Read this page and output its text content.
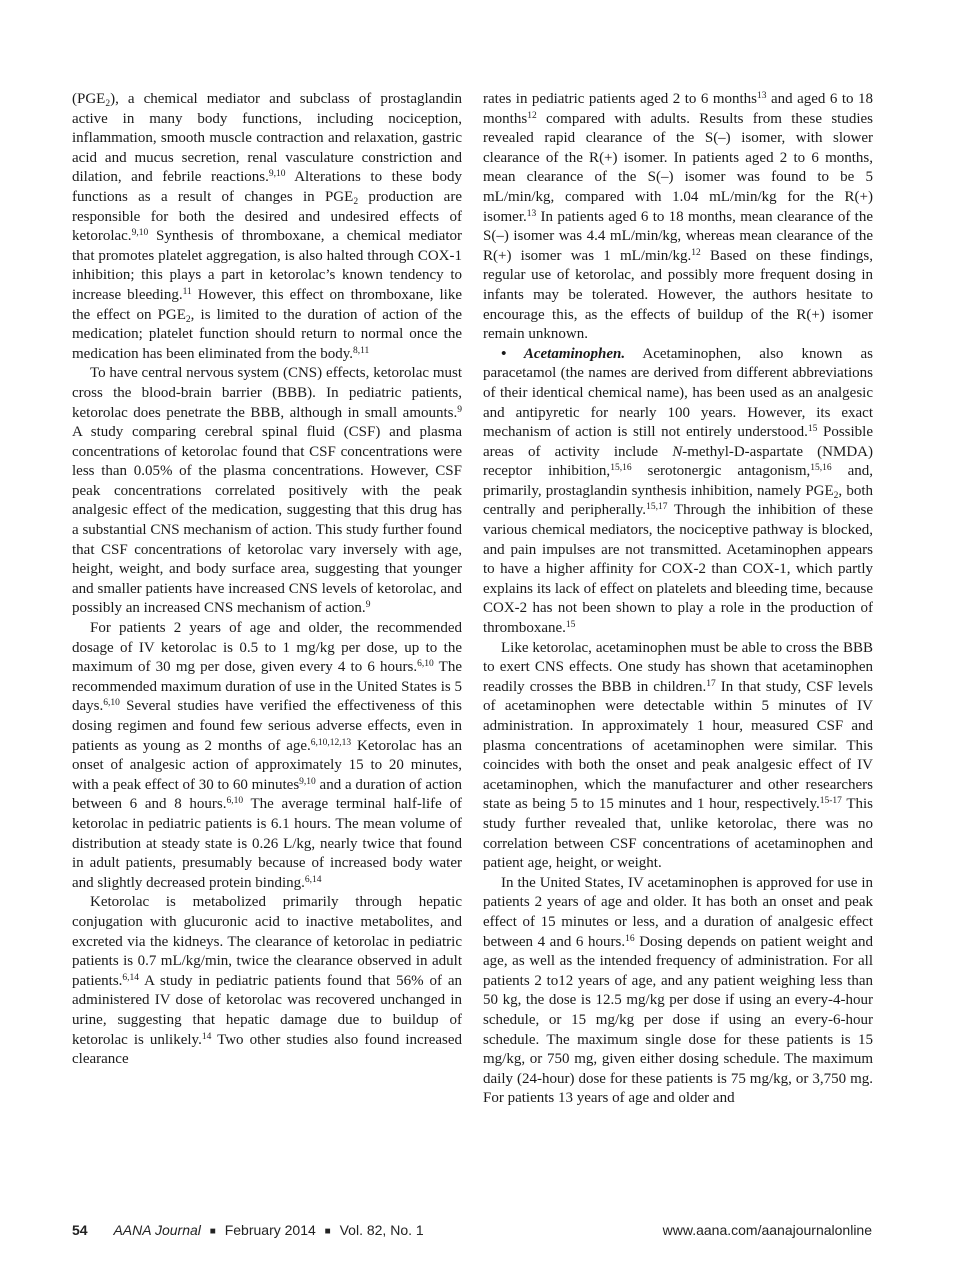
$(PGE_2)$, a chemical mediator and subclass of prostaglandin active in many body functions, including nociception, inflammation, smooth muscle contraction and relaxation, gastric acid and mucus secretion, renal vasculature constriction and dilation, and febrile reactions.$^{9,10}$ Alterations to these body functions as a result of changes in $PGE_2$ production are responsible for both the desired and undesired effects of ketorolac.$^{9,10}$ Synthesis of thromboxane, a chemical mediator that promotes platelet aggregation, is also halted through COX-1 inhibition; this plays a part in ketorolac’s known tendency to increase bleeding.$^{11}$ However, this effect on thromboxane, like the effect on $PGE_2$, is limited to the duration of action of the medication; platelet function should return to normal once the medication has been eliminated from the body.$^{8,11}$

To have central nervous system (CNS) effects, ketorolac must cross the blood-brain barrier (BBB). In pediatric patients, ketorolac does penetrate the BBB, although in small amounts.$^9$ A study comparing cerebral spinal fluid (CSF) and plasma concentrations of ketorolac found that CSF concentrations were less than 0.05% of the plasma concentrations. However, CSF peak concentrations correlated positively with the peak analgesic effect of the medication, suggesting that this drug has a substantial CNS mechanism of action. This study further found that CSF concentrations of ketorolac vary inversely with age, height, weight, and body surface area, suggesting that younger and smaller patients have increased CNS levels of ketorolac, and possibly an increased CNS mechanism of action.$^9$

For patients 2 years of age and older, the recommended dosage of IV ketorolac is 0.5 to 1 mg/kg per dose, up to the maximum of 30 mg per dose, given every 4 to 6 hours.$^{6,10}$ The recommended maximum duration of use in the United States is 5 days.$^{6,10}$ Several studies have verified the effectiveness of this dosing regimen and found few serious adverse effects, even in patients as young as 2 months of age.$^{6,10,12,13}$ Ketorolac has an onset of analgesic action of approximately 15 to 20 minutes, with a peak effect of 30 to 60 minutes$^{9,10}$ and a duration of action between 6 and 8 hours.$^{6,10}$ The average terminal half-life of ketorolac in pediatric patients is 6.1 hours. The mean volume of distribution at steady state is 0.26 L/kg, nearly twice that found in adult patients, presumably because of increased body water and slightly decreased protein binding.$^{6,14}$

Ketorolac is metabolized primarily through hepatic conjugation with glucuronic acid to inactive metabolites, and excreted via the kidneys. The clearance of ketorolac in pediatric patients is 0.7 mL/kg/min, twice the clearance observed in adult patients.$^{6,14}$ A study in pediatric patients found that 56% of an administered IV dose of ketorolac was recovered unchanged in urine, suggesting that hepatic damage due to buildup of ketorolac is unlikely.$^{14}$ Two other studies also found increased clearance

rates in pediatric patients aged 2 to 6 months$^{13}$ and aged 6 to 18 months$^{12}$ compared with adults. Results from these studies revealed rapid clearance of the S(–) isomer, with slower clearance of the R(+) isomer. In patients aged 2 to 6 months, mean clearance of the S(–) isomer was found to be 5 mL/min/kg, compared with 1.04 mL/min/kg for the R(+) isomer.$^{13}$ In patients aged 6 to 18 months, mean clearance of the S(–) isomer was 4.4 mL/min/kg, whereas mean clearance of the R(+) isomer was 1 mL/min/kg.$^{12}$ Based on these findings, regular use of ketorolac, and possibly more frequent dosing in infants may be tolerated. However, the authors hesitate to encourage this, as the effects of buildup of the R(+) isomer remain unknown.

• Acetaminophen. Acetaminophen, also known as paracetamol (the names are derived from different abbreviations of their identical chemical name), has been used as an analgesic and antipyretic for nearly 100 years. However, its exact mechanism of action is still not entirely understood.$^{15}$ Possible areas of activity include N-methyl-D-aspartate (NMDA) receptor inhibition,$^{15,16}$ serotonergic antagonism,$^{15,16}$ and, primarily, prostaglandin synthesis inhibition, namely $PGE_2$, both centrally and peripherally.$^{15,17}$ Through the inhibition of these various chemical mediators, the nociceptive pathway is blocked, and pain impulses are not transmitted. Acetaminophen appears to have a higher affinity for COX-2 than COX-1, which partly explains its lack of effect on platelets and bleeding time, because COX-2 has not been shown to play a role in the production of thromboxane.$^{15}$

Like ketorolac, acetaminophen must be able to cross the BBB to exert CNS effects. One study has shown that acetaminophen readily crosses the BBB in children.$^{17}$ In that study, CSF levels of acetaminophen were detectable within 5 minutes of IV administration. In approximately 1 hour, measured CSF and plasma concentrations of acetaminophen were similar. This coincides with both the onset and peak analgesic effect of IV acetaminophen, which the manufacturer and other researchers state as being 5 to 15 minutes and 1 hour, respectively.$^{15-17}$ This study further revealed that, unlike ketorolac, there was no correlation between CSF concentrations of acetaminophen and patient age, height, or weight.

In the United States, IV acetaminophen is approved for use in patients 2 years of age and older. It has both an onset and peak effect of 15 minutes or less, and a duration of analgesic effect between 4 and 6 hours.$^{16}$ Dosing depends on patient weight and age, as well as the intended frequency of administration. For all patients 2 to12 years of age, and any patient weighing less than 50 kg, the dose is 12.5 mg/kg per dose if using an every-4-hour schedule, or 15 mg/kg per dose if using an every-6-hour schedule. The maximum single dose for these patients is 15 mg/kg, or 750 mg, given either dosing schedule. The maximum daily (24-hour) dose for these patients is 75 mg/kg, or 3,750 mg. For patients 13 years of age and older and

54 AANA Journal ■ February 2014 ■ Vol. 82, No. 1	www.aana.com/aanajournalonline
